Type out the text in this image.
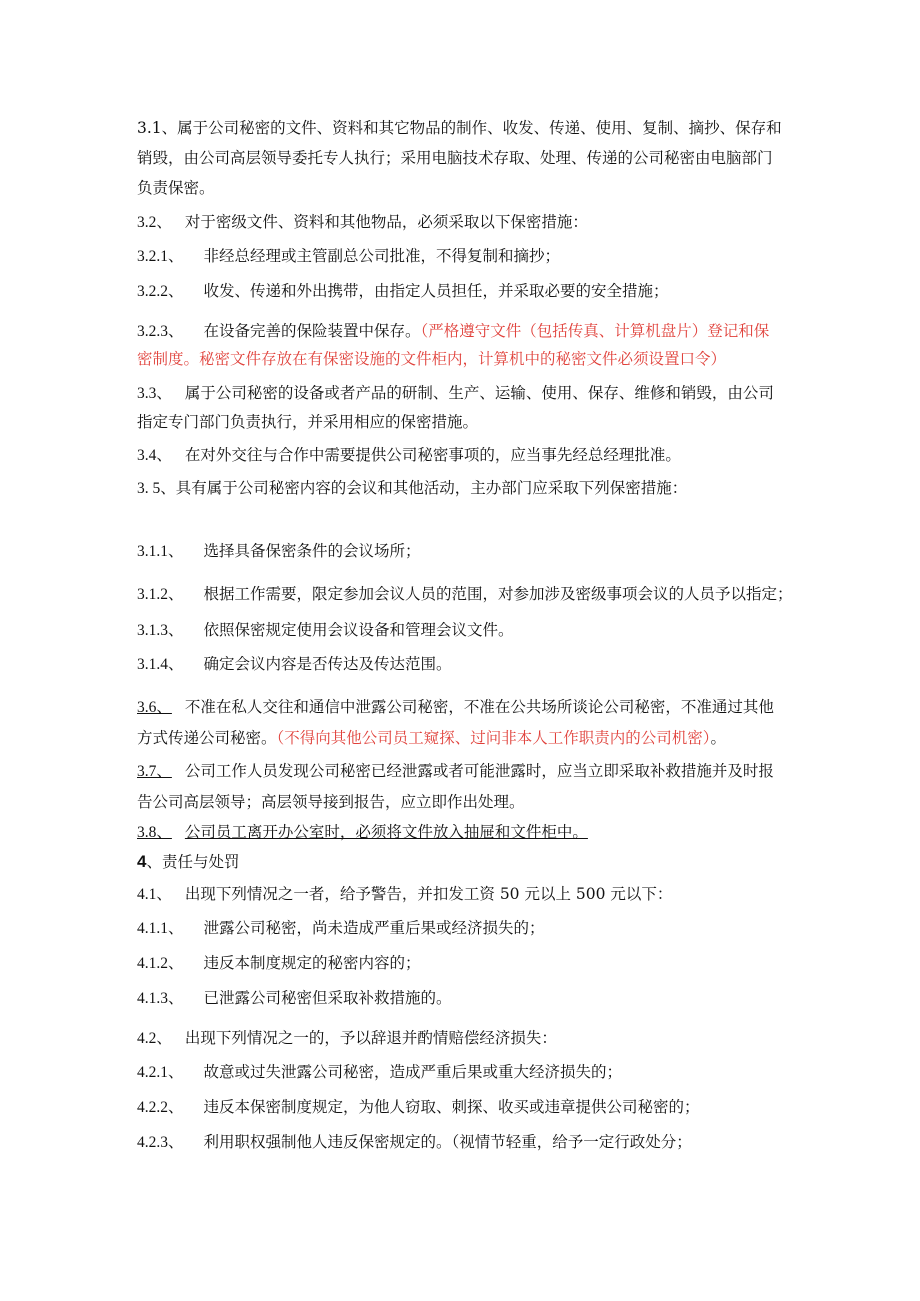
3.1、属于公司秘密的文件、资料和其它物品的制作、收发、传递、使用、复制、摘抄、保存和
销毁，由公司高层领导委托专人执行；采用电脑技术存取、处理、传递的公司秘密由电脑部门
负责保密。
3.2、 对于密级文件、资料和其他物品，必须采取以下保密措施：
3.2.1、 非经总经理或主管副总公司批准，不得复制和摘抄；
3.2.2、 收发、传递和外出携带，由指定人员担任，并采取必要的安全措施；
3.2.3、 在设备完善的保险装置中保存。（严格遵守文件（包括传真、计算机盘片）登记和保
密制度。秘密文件存放在有保密设施的文件柜内，计算机中的秘密文件必须设置口令）
3.3、 属于公司秘密的设备或者产品的研制、生产、运输、使用、保存、维修和销毁，由公司
指定专门部门负责执行，并采用相应的保密措施。
3.4、 在对外交往与合作中需要提供公司秘密事项的，应当事先经总经理批准。
3. 5、具有属于公司秘密内容的会议和其他活动，主办部门应采取下列保密措施：
3.1.1、 选择具备保密条件的会议场所；
3.1.2、 根据工作需要，限定参加会议人员的范围，对参加涉及密级事项会议的人员予以指定；
3.1.3、 依照保密规定使用会议设备和管理会议文件。
3.1.4、 确定会议内容是否传达及传达范围。
3.6、 不准在私人交往和通信中泄露公司秘密，不准在公共场所谈论公司秘密，不准通过其他
方式传递公司秘密。（不得向其他公司员工窥探、过问非本人工作职责内的公司机密）。
3.7、 公司工作人员发现公司秘密已经泄露或者可能泄露时，应当立即采取补救措施并及时报
告公司高层领导；高层领导接到报告，应立即作出处理。
3.8、 公司员工离开办公室时，必须将文件放入抽屉和文件柜中。
4、责任与处罚
4.1、 出现下列情况之一者，给予警告，并扣发工资 50 元以上 500 元以下：
4.1.1、 泄露公司秘密，尚未造成严重后果或经济损失的；
4.1.2、 违反本制度规定的秘密内容的；
4.1.3、 已泄露公司秘密但采取补救措施的。
4.2、 出现下列情况之一的，予以辞退并酌情赔偿经济损失：
4.2.1、 故意或过失泄露公司秘密，造成严重后果或重大经济损失的；
4.2.2、 违反本保密制度规定，为他人窃取、刺探、收买或违章提供公司秘密的；
4.2.3、 利用职权强制他人违反保密规定的。（视情节轻重，给予一定行政处分；
